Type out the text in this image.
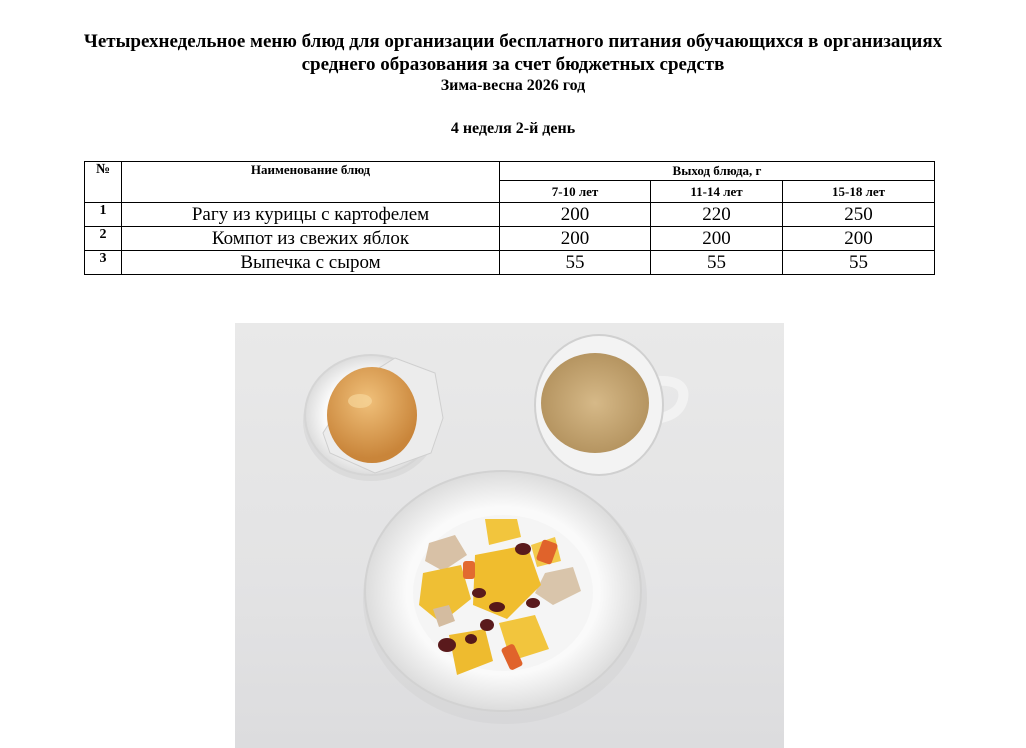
Четырехнедельное меню блюд для организации бесплатного питания обучающихся в организациях
среднего образования за счет бюджетных средств
Зима-весна 2026 год
4 неделя 2-й день
№	Наименование блюд	Выход блюда, г		
		7-10 лет	11-14 лет	15-18 лет
1	Рагу из курицы с картофелем	200	220	250
2	Компот из свежих яблок	200	200	200
3	Выпечка с сыром	55	55	55
